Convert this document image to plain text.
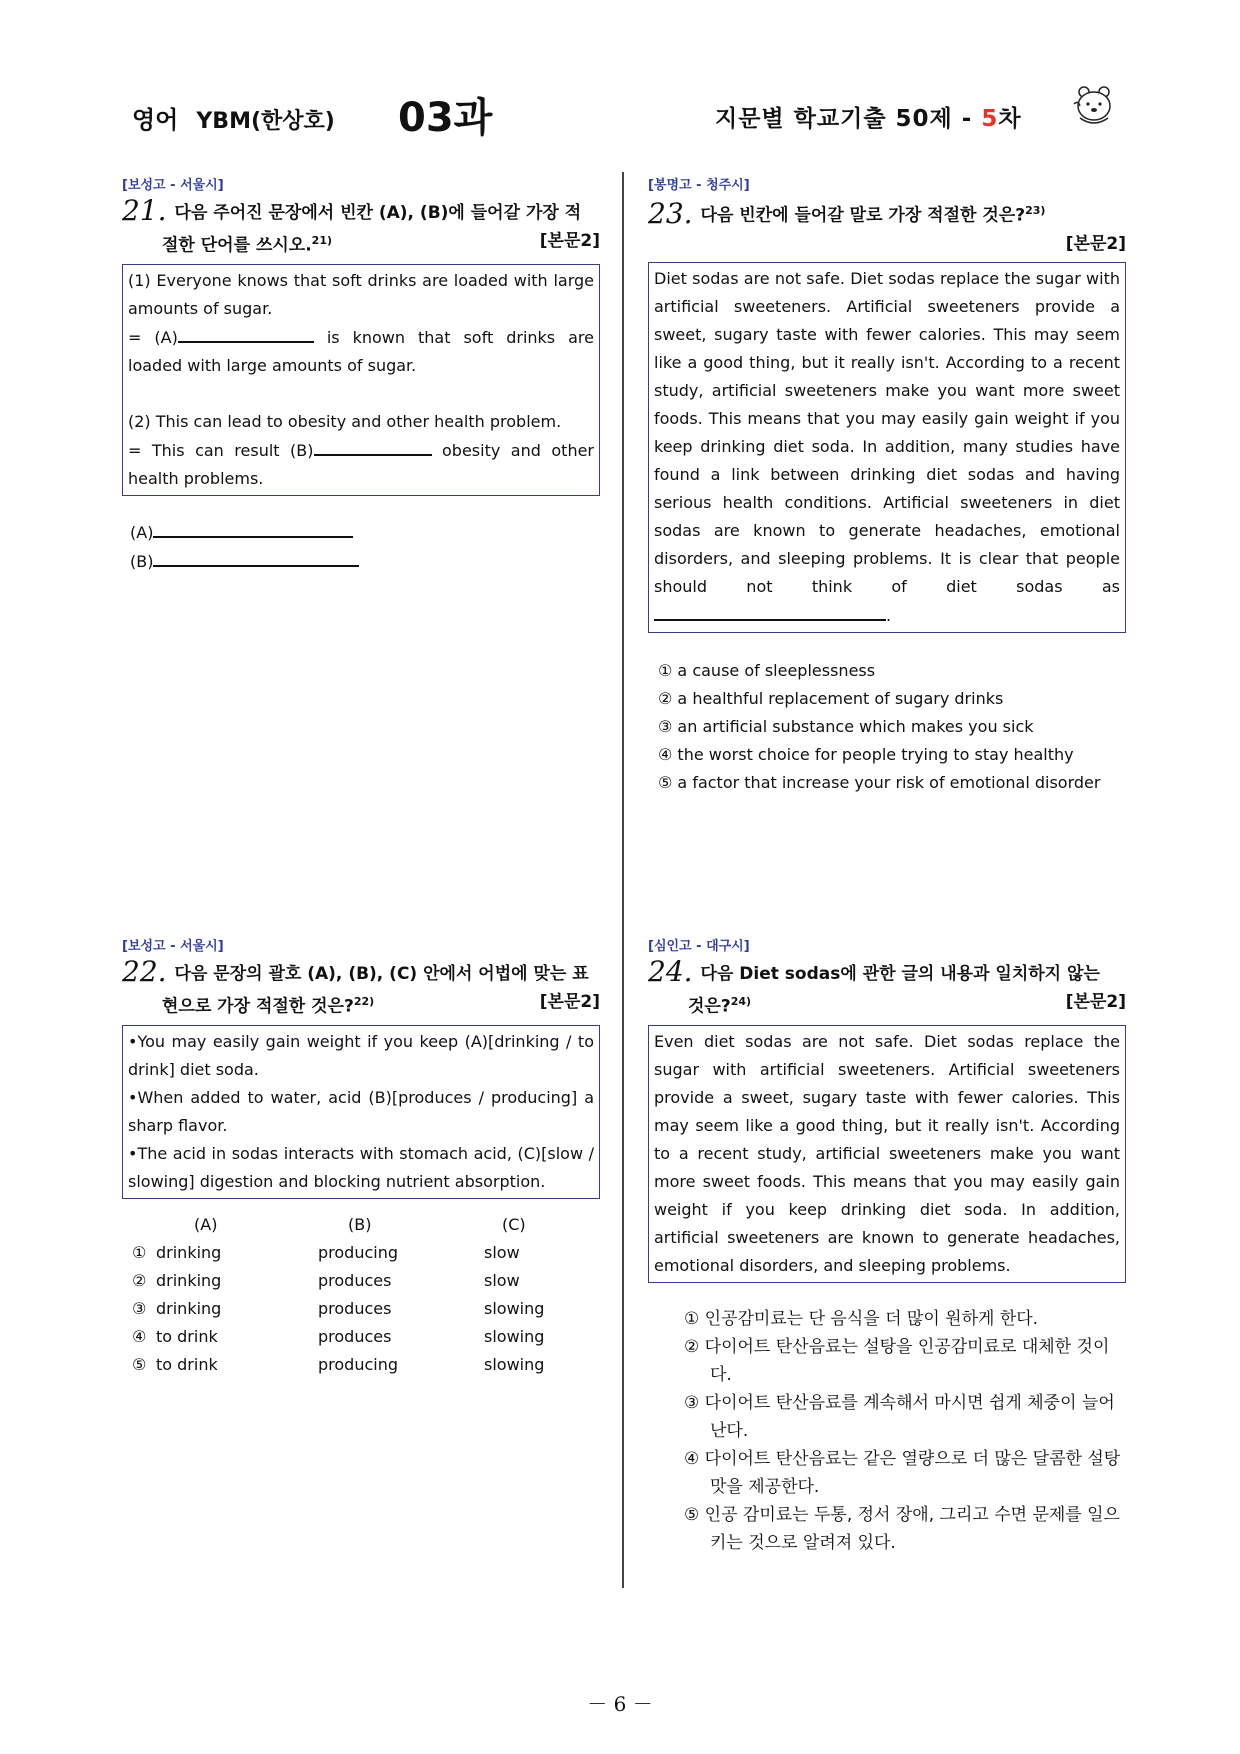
영어 YBM(한상호) 03과	지문별 학교기출 50제 - 5차
[보성고 - 서울시]
21. 다음 주어진 문장에서 빈칸 (A), (B)에 들어갈 가장 적
절한 단어를 쓰시오.$^{21)}$	[본문2]
(1) Everyone knows that soft drinks are loaded with large amounts of sugar.
= (A)	is known that soft drinks are loaded with large amounts of sugar.
(2) This can lead to obesity and other health problem.
= This can result (B)	obesity and other health problems.
(A)
(B)
[보성고 - 서울시]
22. 다음 문장의 괄호 (A), (B), (C) 안에서 어법에 맞는 표
현으로 가장 적절한 것은?$^{22)}$	[본문2]
•You may easily gain weight if you keep (A)[drinking / to drink] diet soda.
•When added to water, acid (B)[produces / producing] a sharp flavor.
•The acid in sodas interacts with stomach acid, (C)[slow / slowing] digestion and blocking nutrient absorption.
(A)	(B)	(C)
① drinking	producing	slow
② drinking	produces	slow
③ drinking	produces	slowing
④ to drink	produces	slowing
⑤ to drink	producing	slowing
[봉명고 - 청주시]
23. 다음 빈칸에 들어갈 말로 가장 적절한 것은?$^{23)}$
[본문2]
Diet sodas are not safe. Diet sodas replace the sugar with artificial sweeteners. Artificial sweeteners provide a sweet, sugary taste with fewer calories. This may seem like a good thing, but it really isn't. According to a recent study, artificial sweeteners make you want more sweet foods. This means that you may easily gain weight if you keep drinking diet soda. In addition, many studies have found a link between drinking diet sodas and having serious health conditions. Artificial sweeteners in diet sodas are known to generate headaches, emotional disorders, and sleeping problems. It is clear that people should not think of diet sodas as .
① a cause of sleeplessness
② a healthful replacement of sugary drinks
③ an artificial substance which makes you sick
④ the worst choice for people trying to stay healthy
⑤ a factor that increase your risk of emotional disorder
[심인고 - 대구시]
24. 다음 Diet sodas에 관한 글의 내용과 일치하지 않는
것은?$^{24)}$	[본문2]
Even diet sodas are not safe. Diet sodas replace the sugar with artificial sweeteners. Artificial sweeteners provide a sweet, sugary taste with fewer calories. This may seem like a good thing, but it really isn't. According to a recent study, artificial sweeteners make you want more sweet foods. This means that you may easily gain weight if you keep drinking diet soda. In addition, artificial sweeteners are known to generate headaches, emotional disorders, and sleeping problems.
① 인공감미료는 단 음식을 더 많이 원하게 한다.
② 다이어트 탄산음료는 설탕을 인공감미료로 대체한 것이다.
③ 다이어트 탄산음료를 계속해서 마시면 쉽게 체중이 늘어난다.
④ 다이어트 탄산음료는 같은 열량으로 더 많은 달콤한 설탕 맛을 제공한다.
⑤ 인공 감미료는 두통, 정서 장애, 그리고 수면 문제를 일으키는 것으로 알려져 있다.
－ 6 －
